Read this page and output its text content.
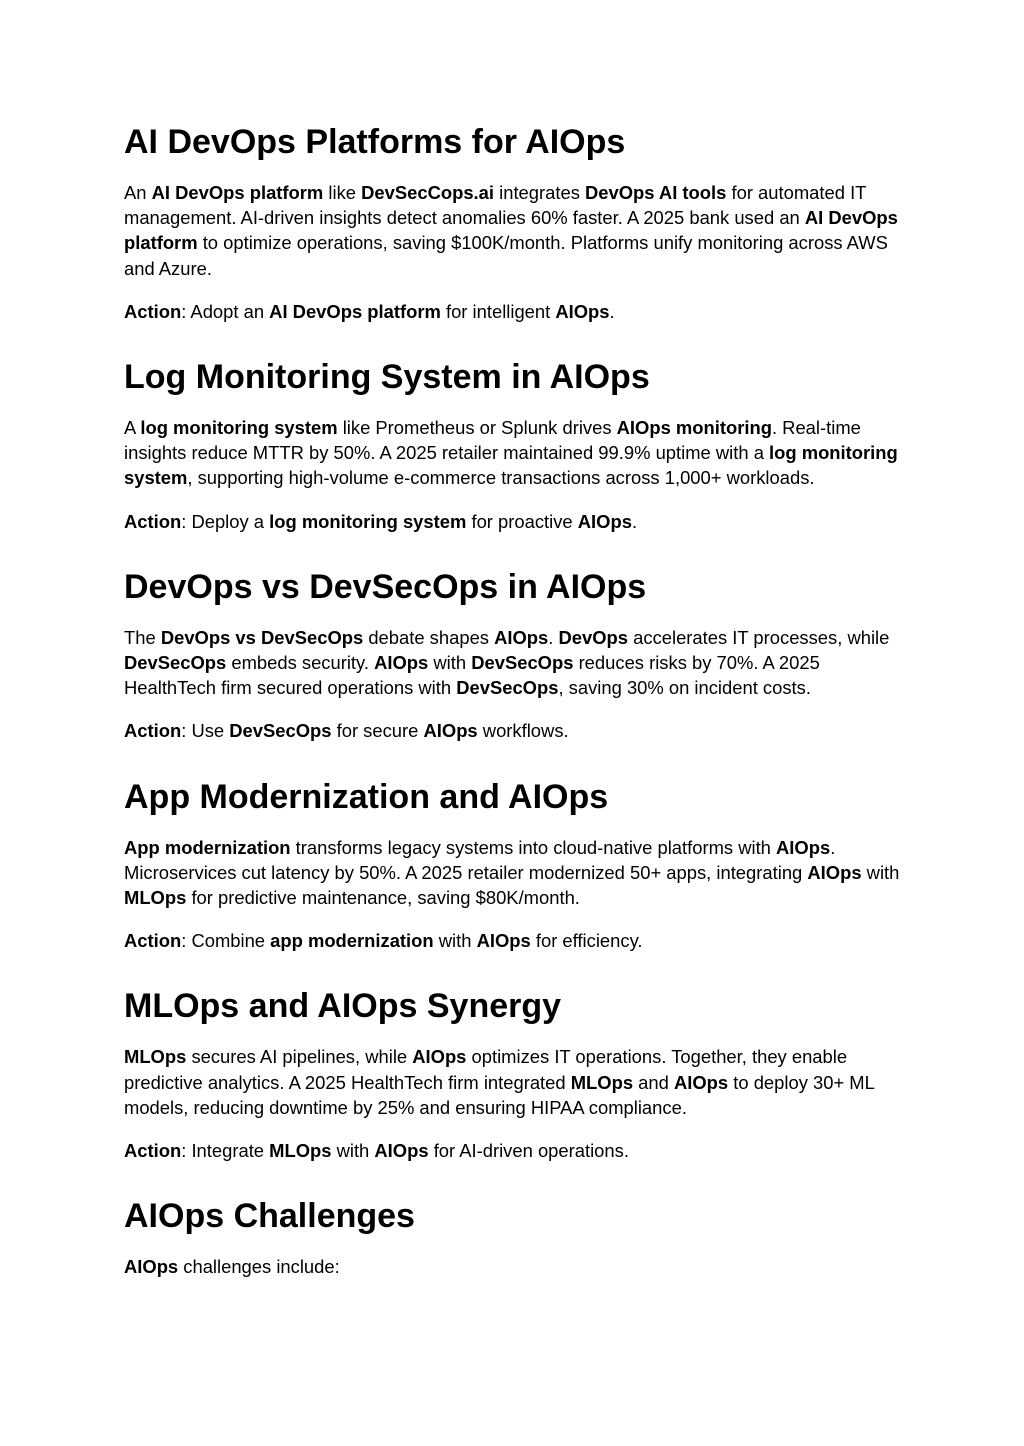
AI DevOps Platforms for AIOps

An AI DevOps platform like DevSecCops.ai integrates DevOps AI tools for automated IT management. AI-driven insights detect anomalies 60% faster. A 2025 bank used an AI DevOps platform to optimize operations, saving $100K/month. Platforms unify monitoring across AWS and Azure.

Action: Adopt an AI DevOps platform for intelligent AIOps.

Log Monitoring System in AIOps

A log monitoring system like Prometheus or Splunk drives AIOps monitoring. Real-time insights reduce MTTR by 50%. A 2025 retailer maintained 99.9% uptime with a log monitoring system, supporting high-volume e-commerce transactions across 1,000+ workloads.

Action: Deploy a log monitoring system for proactive AIOps.

DevOps vs DevSecOps in AIOps

The DevOps vs DevSecOps debate shapes AIOps. DevOps accelerates IT processes, while DevSecOps embeds security. AIOps with DevSecOps reduces risks by 70%. A 2025 HealthTech firm secured operations with DevSecOps, saving 30% on incident costs.

Action: Use DevSecOps for secure AIOps workflows.

App Modernization and AIOps

App modernization transforms legacy systems into cloud-native platforms with AIOps. Microservices cut latency by 50%. A 2025 retailer modernized 50+ apps, integrating AIOps with MLOps for predictive maintenance, saving $80K/month.

Action: Combine app modernization with AIOps for efficiency.

MLOps and AIOps Synergy

MLOps secures AI pipelines, while AIOps optimizes IT operations. Together, they enable predictive analytics. A 2025 HealthTech firm integrated MLOps and AIOps to deploy 30+ ML models, reducing downtime by 25% and ensuring HIPAA compliance.

Action: Integrate MLOps with AIOps for AI-driven operations.

AIOps Challenges

AIOps challenges include:
